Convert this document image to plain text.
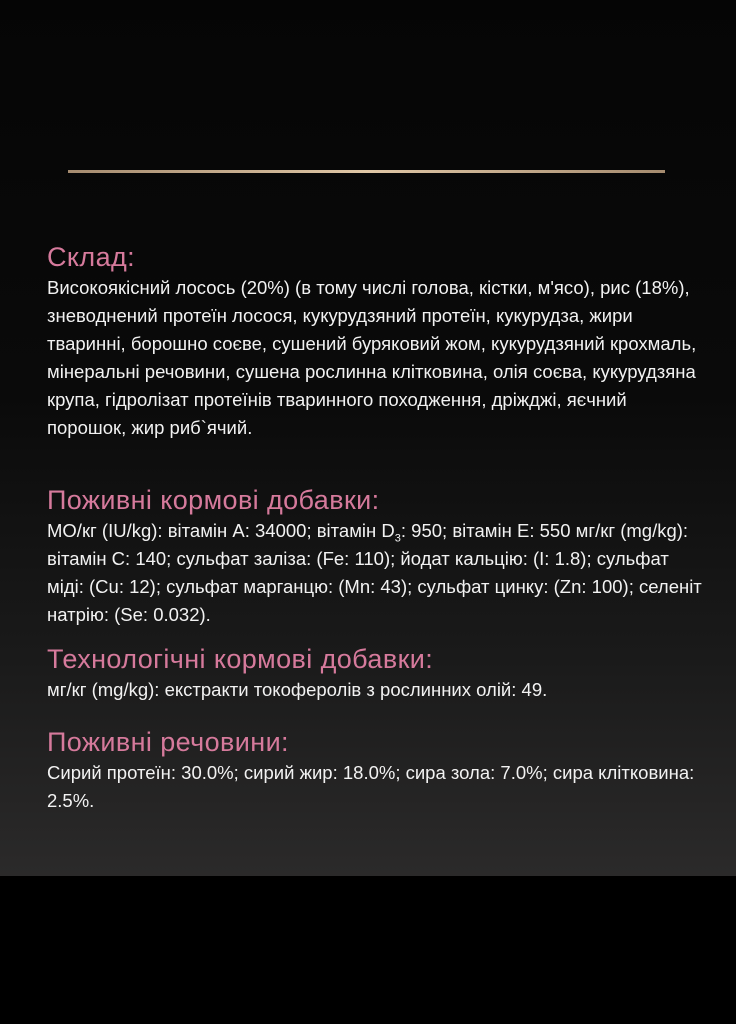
Склад:

Високоякісний лосось (20%) (в тому числі голова, кістки, м'ясо), рис (18%), зневоднений протеїн лосося, кукурудзяний протеїн, кукурудза, жири тваринні, борошно соєве, сушений буряковий жом, кукурудзяний крохмаль, мінеральні речовини, сушена рослинна клітковина, олія соєва, кукурудзяна крупа, гідролізат протеїнів тваринного походження, дріжджі, яєчний порошок, жир риб`ячий.

Поживні кормові добавки:

МО/кг (IU/kg): вітамін A: 34000; вітамін $D_3$: 950; вітамін E: 550 мг/кг (mg/kg): вітамін C: 140; сульфат заліза: (Fe: 110); йодат кальцію: (I: 1.8); сульфат міді: (Cu: 12); сульфат марганцю: (Mn: 43); сульфат цинку: (Zn: 100); селеніт натрію: (Se: 0.032).

Технологічні кормові добавки:

мг/кг (mg/kg): екстракти токоферолів з рослинних олій: 49.

Поживні речовини:

Сирий протеїн: 30.0%; сирий жир: 18.0%; сира зола: 7.0%; сира клітковина: 2.5%.
